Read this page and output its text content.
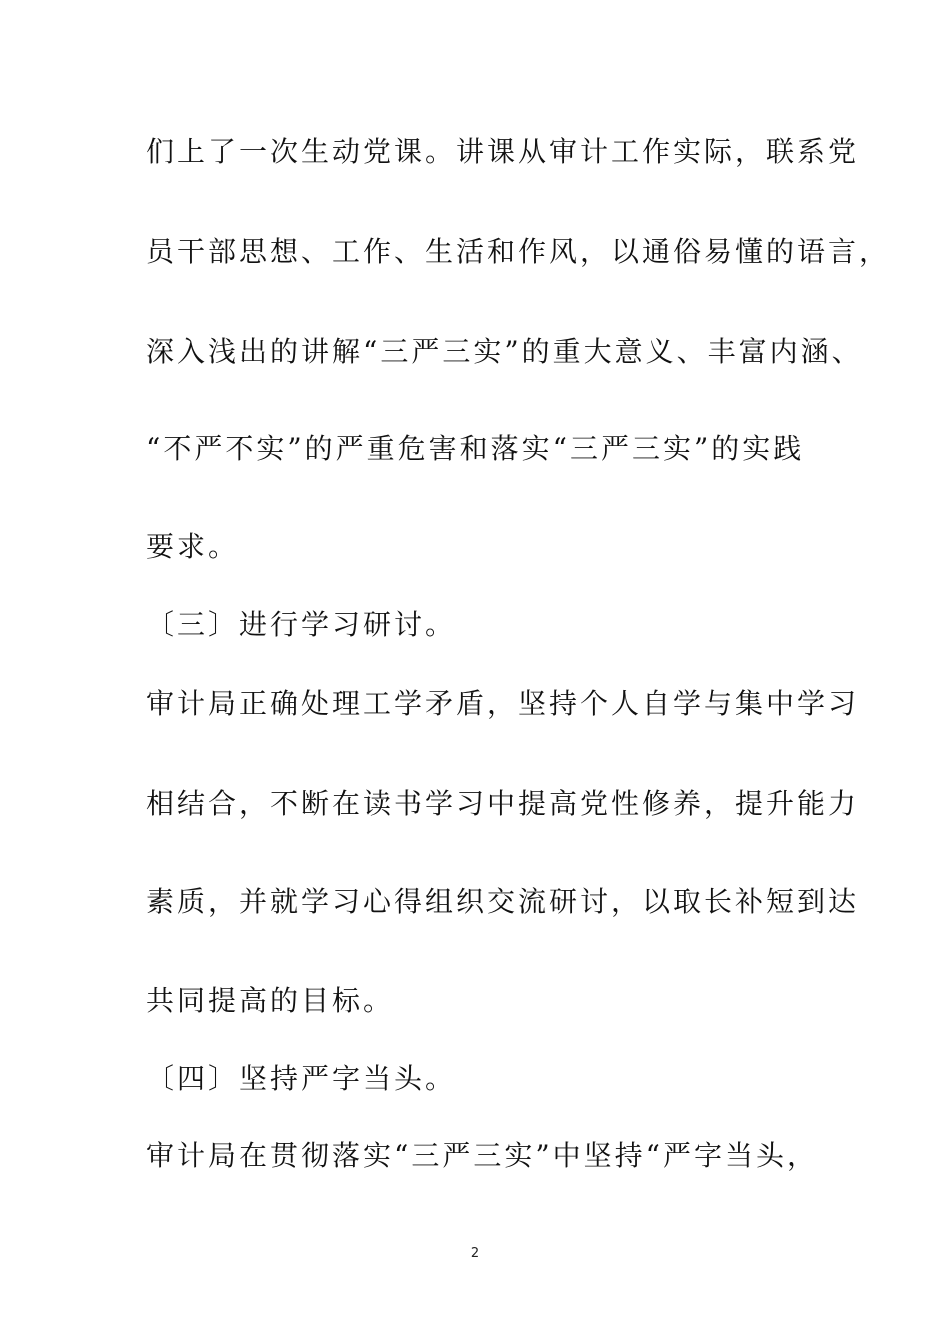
们上了一次生动党课。讲课从审计工作实际，联系党
员干部思想、工作、生活和作风，以通俗易懂的语言，
深入浅出的讲解“三严三实”的重大意义、丰富内涵、
“不严不实”的严重危害和落实“三严三实”的实践
要求。
〔三〕进行学习研讨。
审计局正确处理工学矛盾，坚持个人自学与集中学习
相结合，不断在读书学习中提高党性修养，提升能力
素质，并就学习心得组织交流研讨，以取长补短到达
共同提高的目标。
〔四〕坚持严字当头。
审计局在贯彻落实“三严三实”中坚持“严字当头，
2
